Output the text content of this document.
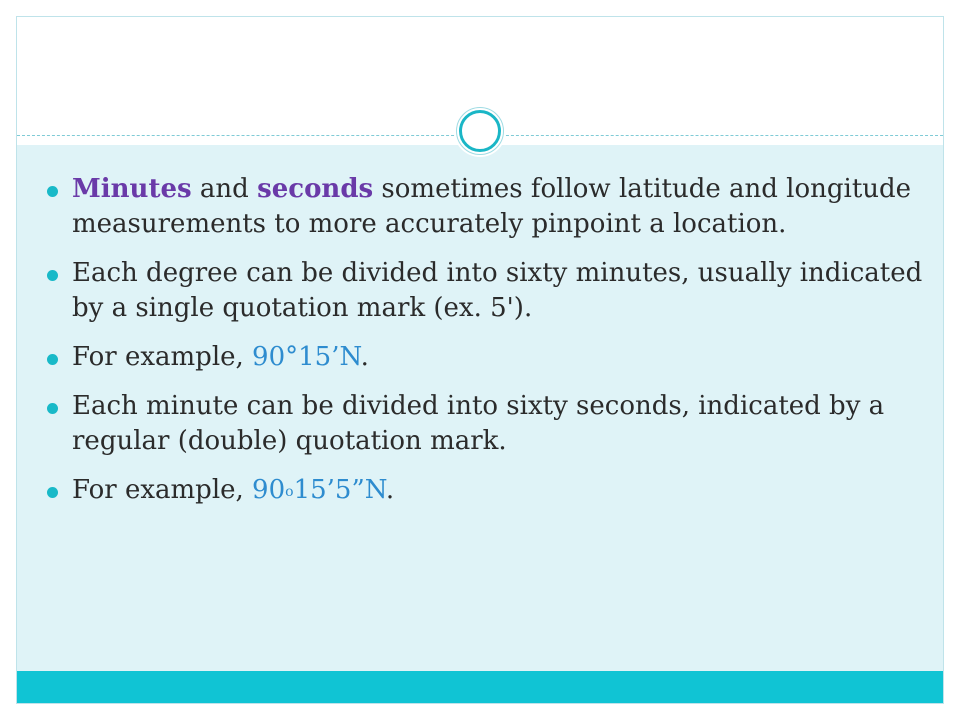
Minutes and seconds sometimes follow latitude and longitude measurements to more accurately pinpoint a location.
Each degree can be divided into sixty minutes, usually indicated by a single quotation mark (ex. 5').
For example, 90°15’N.
Each minute can be divided into sixty seconds, indicated by a regular (double) quotation mark.
For example, 90$^o$15’5”N.
